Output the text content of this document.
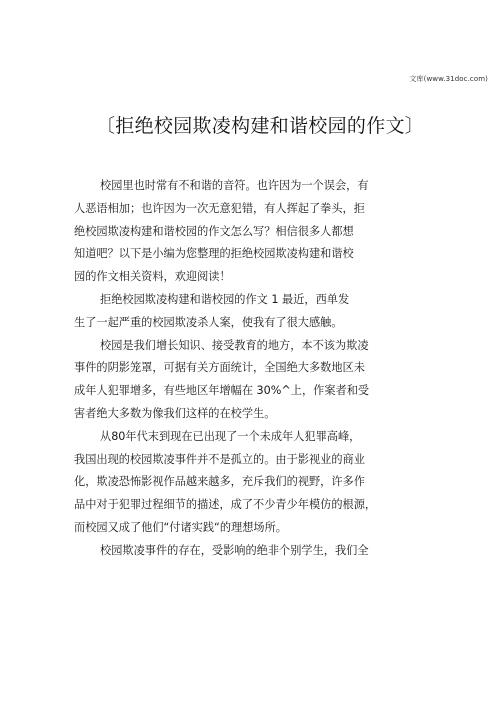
文库(www.31doc.com)
〔拒绝校园欺凌构建和谐校园的作文〕
校园里也时常有不和谐的音符。也许因为一个误会，有
人恶语相加；也许因为一次无意犯错，有人挥起了拳头，拒
绝校园欺凌构建和谐校园的作文怎么写？相信很多人都想
知道吧？以下是小编为您整理的拒绝校园欺凌构建和谐校
园的作文相关资料，欢迎阅读！
拒绝校园欺凌构建和谐校园的作文 1 最近，西单发
生了一起严重的校园欺凌杀人案，使我有了很大感触。
校园是我们增长知识、接受教育的地方，本不该为欺凌
事件的阴影笼罩，可据有关方面统计，全国绝大多数地区未
成年人犯罪增多，有些地区年增幅在 30%^上，作案者和受
害者绝大多数为像我们这样的在校学生。
从80年代末到现在已出现了一个未成年人犯罪高峰，
我国出现的校园欺凌事件并不是孤立的。由于影视业的商业
化，欺凌恐怖影视作品越来越多，充斥我们的视野，许多作
品中对于犯罪过程细节的描述，成了不少青少年模仿的根源，
而校园又成了他们“付诸实践“的理想场所。
校园欺凌事件的存在，受影响的绝非个别学生，我们全
